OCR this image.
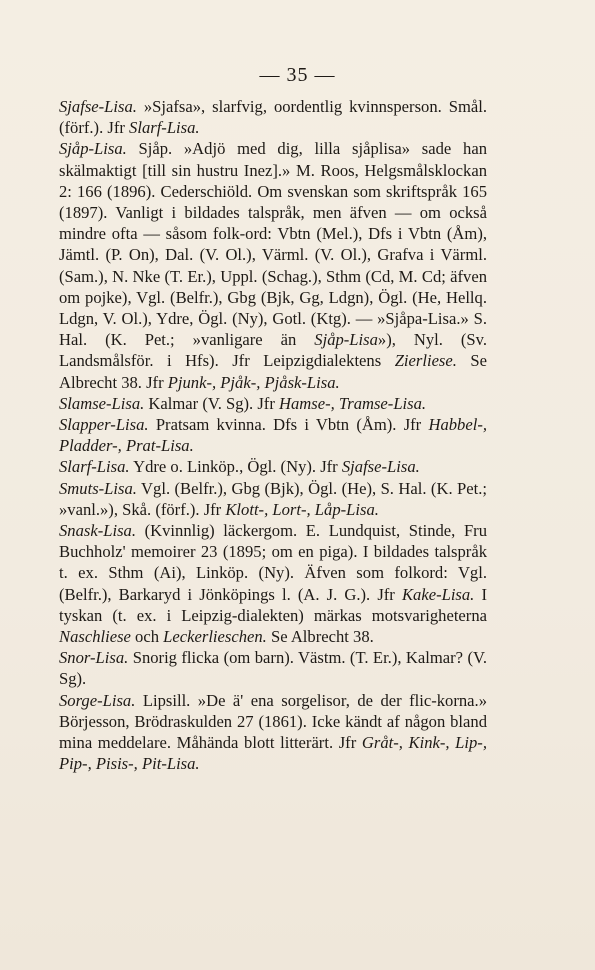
— 35 —

Sjafse-Lisa. »Sjafsa», slarfvig, oordentlig kvinnsperson. Smål. (förf.). Jfr Slarf-Lisa.

Sjåp-Lisa. Sjåp. »Adjö med dig, lilla sjåplisa» sade han skälmaktigt [till sin hustru Inez].» M. Roos, Helgsmålsklockan 2: 166 (1896). Cederschiöld. Om svenskan som skriftspråk 165 (1897). Vanligt i bildades talspråk, men äfven — om också mindre ofta — såsom folk-ord: Vbtn (Mel.), Dfs i Vbtn (Åm), Jämtl. (P. On), Dal. (V. Ol.), Värml. (V. Ol.), Grafva i Värml. (Sam.), N. Nke (T. Er.), Uppl. (Schag.), Sthm (Cd, M. Cd; äfven om pojke), Vgl. (Belfr.), Gbg (Bjk, Gg, Ldgn), Ögl. (He, Hellq. Ldgn, V. Ol.), Ydre, Ögl. (Ny), Gotl. (Ktg). — »Sjåpa-Lisa.» S. Hal. (K. Pet.; »vanligare än Sjåp-Lisa»), Nyl. (Sv. Landsmålsför. i Hfs). Jfr Leipzigdialektens Zierliese. Se Albrecht 38. Jfr Pjunk-, Pjåk-, Pjåsk-Lisa.

Slamse-Lisa. Kalmar (V. Sg). Jfr Hamse-, Tramse-Lisa.

Slapper-Lisa. Pratsam kvinna. Dfs i Vbtn (Åm). Jfr Habbel-, Pladder-, Prat-Lisa.

Slarf-Lisa. Ydre o. Linköp., Ögl. (Ny). Jfr Sjafse-Lisa.

Smuts-Lisa. Vgl. (Belfr.), Gbg (Bjk), Ögl. (He), S. Hal. (K. Pet.; »vanl.»), Skå. (förf.). Jfr Klott-, Lort-, Låp-Lisa.

Snask-Lisa. (Kvinnlig) läckergom. E. Lundquist, Stinde, Fru Buchholz' memoirer 23 (1895; om en piga). I bildades talspråk t. ex. Sthm (Ai), Linköp. (Ny). Äfven som folkord: Vgl. (Belfr.), Barkaryd i Jönköpings l. (A. J. G.). Jfr Kake-Lisa. I tyskan (t. ex. i Leipzig-dialekten) märkas motsvarigheterna Naschliese och Leckerlieschen. Se Albrecht 38.

Snor-Lisa. Snorig flicka (om barn). Västm. (T. Er.), Kalmar? (V. Sg).

Sorge-Lisa. Lipsill. »De ä' ena sorgelisor, de der flic-korna.» Börjesson, Brödraskulden 27 (1861). Icke kändt af någon bland mina meddelare. Måhända blott litterärt. Jfr Gråt-, Kink-, Lip-, Pip-, Pisis-, Pit-Lisa.
